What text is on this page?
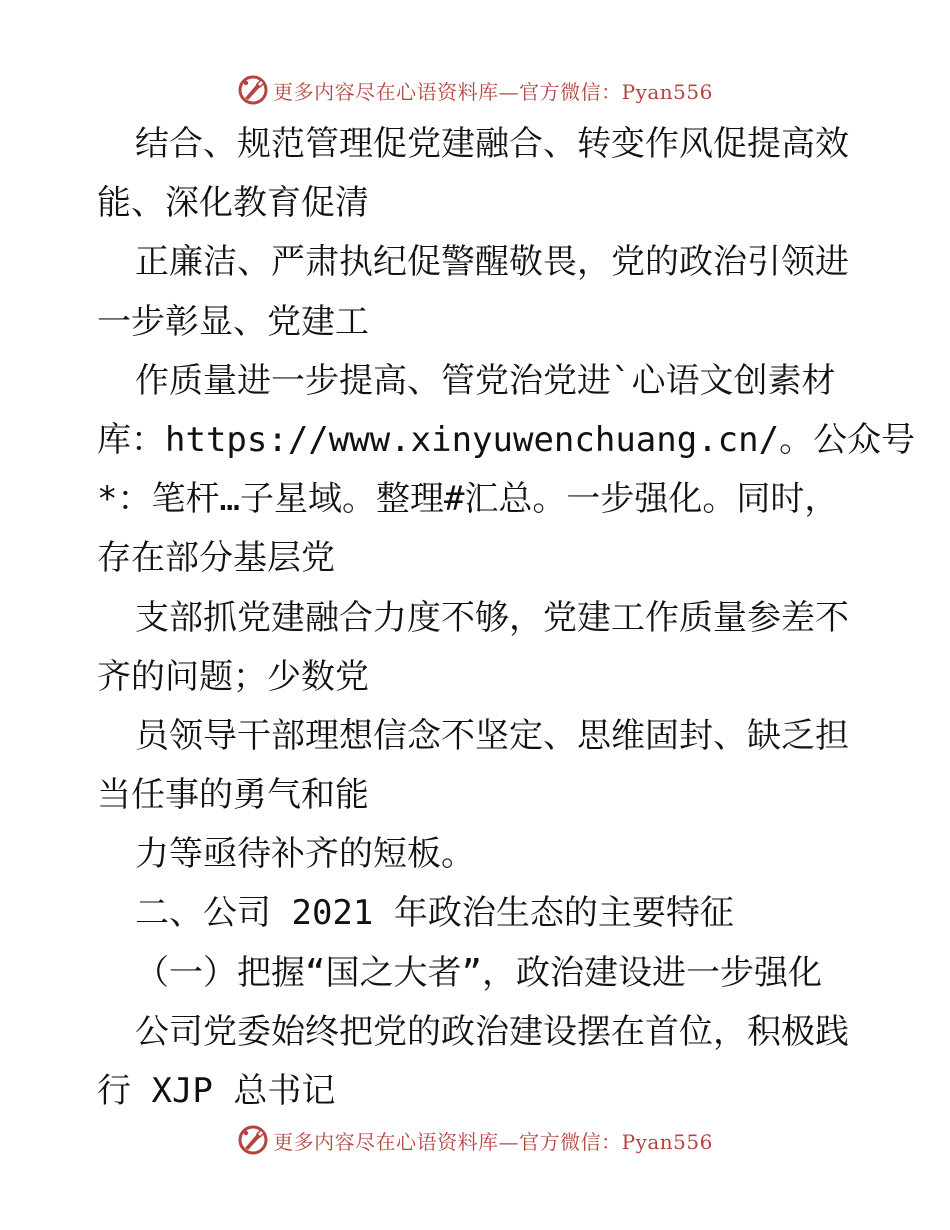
更多内容尽在心语资料库—官方微信：Pyan556
结合、规范管理促党建融合、转变作风促提高效
能、深化教育促清
正廉洁、严肃执纪促警醒敬畏，党的政治引领进
一步彰显、党建工
作质量进一步提高、管党治党进`心语文创素材
库：https://www.xinyuwenchuang.cn/。公众号
*：笔杆…子星域。整理#汇总。一步强化。同时，
存在部分基层党
支部抓党建融合力度不够，党建工作质量参差不
齐的问题；少数党
员领导干部理想信念不坚定、思维固封、缺乏担
当任事的勇气和能
力等亟待补齐的短板。
二、公司 2021 年政治生态的主要特征
（一）把握“国之大者”，政治建设进一步强化
公司党委始终把党的政治建设摆在首位，积极践
行 XJP 总书记
更多内容尽在心语资料库—官方微信：Pyan556
